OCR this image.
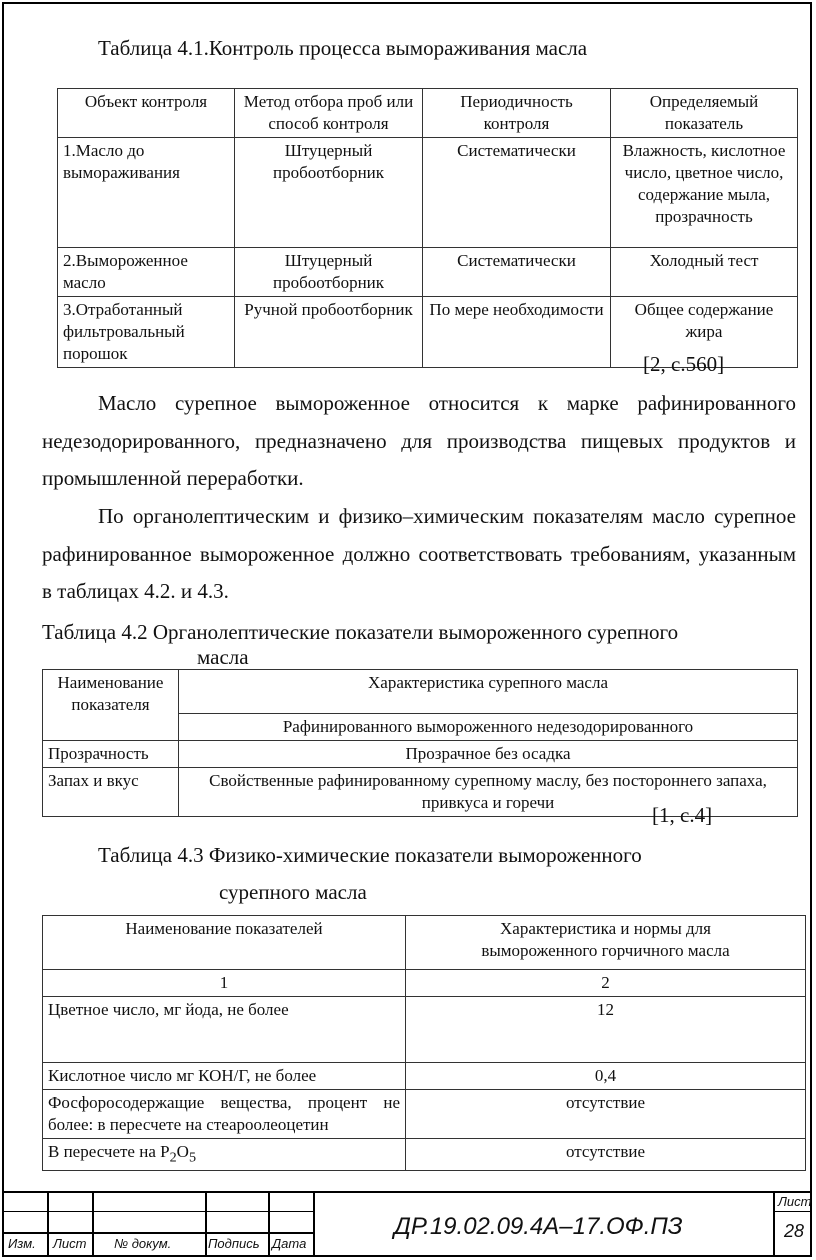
Таблица 4.1.Контроль процесса вымораживания масла
Объект контроля	Метод отбора проб или способ контроля	Периодичность контроля	Определяемый показатель
1.Масло до вымораживания	Штуцерный пробоотборник	Систематически	Влажность, кислотное число, цветное число, содержание мыла, прозрачность
2.Вымороженное масло	Штуцерный пробоотборник	Систематически	Холодный тест
3.Отработанный фильтровальный порошок	Ручной пробоотборник	По мере необходимости	Общее содержание жира
[2, с.560]
Масло сурепное вымороженное относится к марке рафинированного недезодорированного, предназначено для производства пищевых продуктов и промышленной переработки.
По органолептическим и физико–химическим показателям масло сурепное рафинированное вымороженное должно соответствовать требованиям, указанным в таблицах 4.2. и 4.3.
Таблица 4.2 Органолептические показатели вымороженного сурепного
масла
Наименование показателя	Характеристика сурепного масла
	Рафинированного вымороженного недезодорированного
Прозрачность	Прозрачное без осадка
Запах и вкус	Свойственные рафинированному сурепному маслу, без постороннего запаха, привкуса и горечи
[1, с.4]
Таблица 4.3 Физико-химические показатели вымороженного
сурепного масла
Наименование показателей	Характеристика и нормы для вымороженного горчичного масла
1	2
Цветное число, мг йода, не более	12
Кислотное число мг КОН/Г, не более	0,4
Фосфоросодержащие вещества, процент не более: в пересчете на стеароолеоцетин	отсутствие
В пересчете на $Р_2О_5$	отсутствие
Изм. Лист № докум.	Подпись Дата
ДР.19.02.09.4А–17.ОФ.ПЗ
Лист
28
